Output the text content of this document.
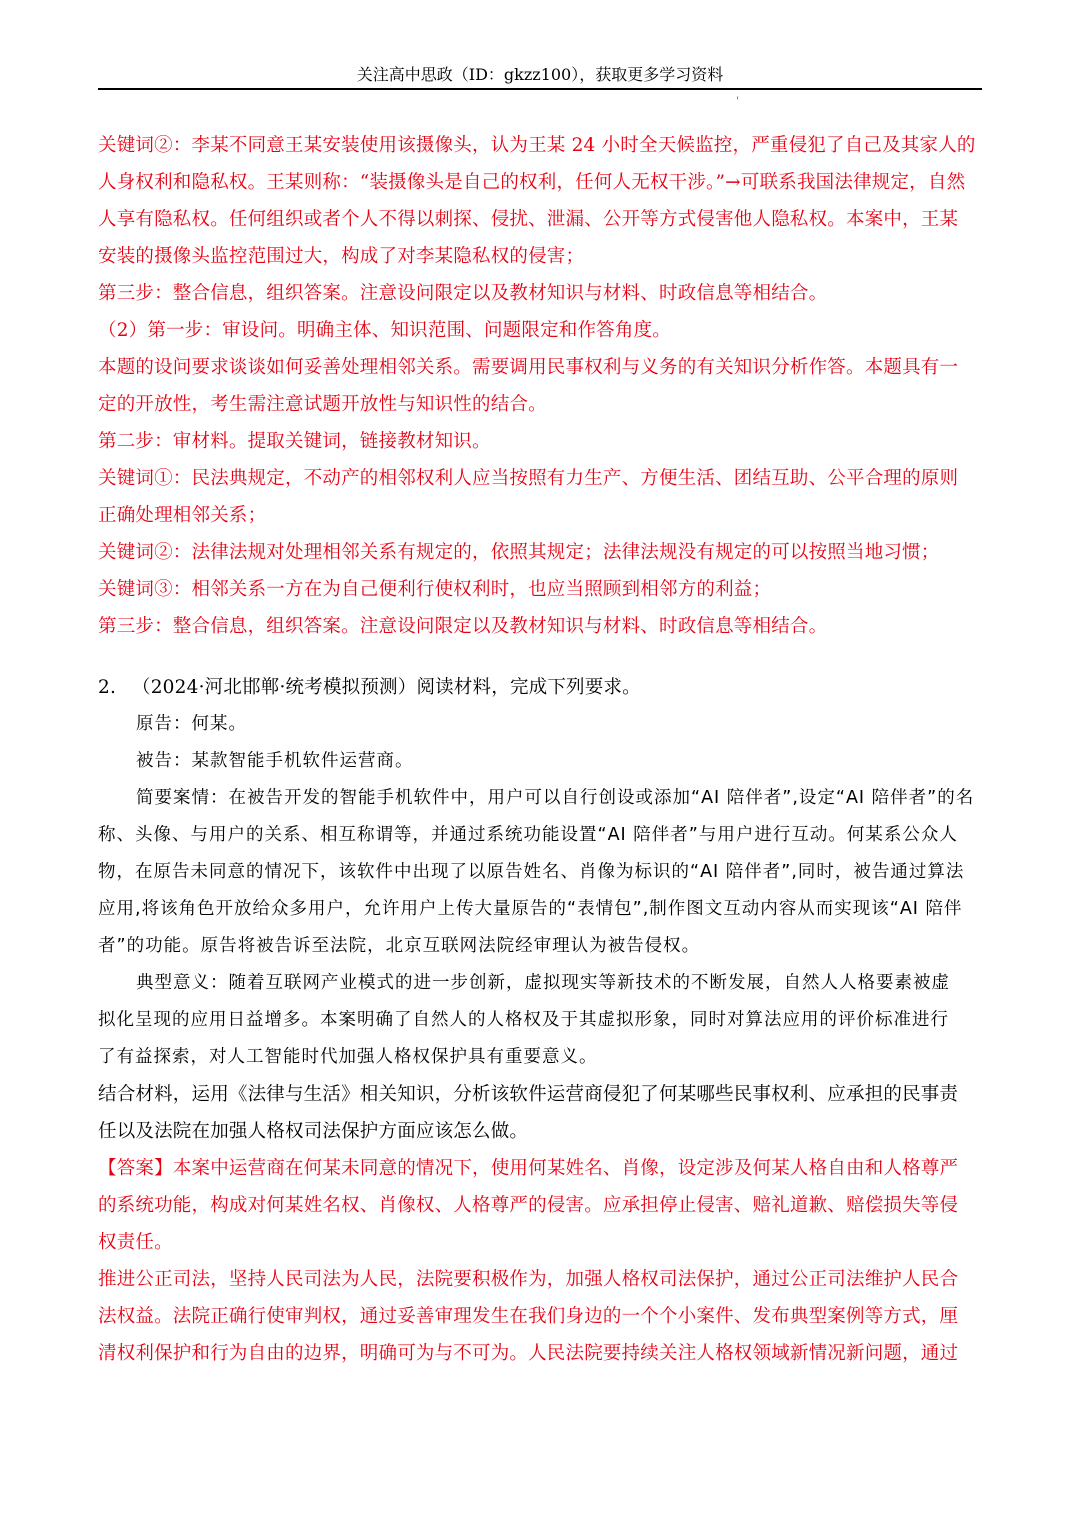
关注高中思政（ID：gkzz100），获取更多学习资料
'
关键词②：李某不同意王某安装使用该摄像头，认为王某 24 小时全天候监控，严重侵犯了自己及其家人的
人身权利和隐私权。王某则称：“装摄像头是自己的权利，任何人无权干涉。”→可联系我国法律规定，自然
人享有隐私权。任何组织或者个人不得以刺探、侵扰、泄漏、公开等方式侵害他人隐私权。本案中，王某
安装的摄像头监控范围过大，构成了对李某隐私权的侵害；
第三步：整合信息，组织答案。注意设问限定以及教材知识与材料、时政信息等相结合。
（2）第一步：审设问。明确主体、知识范围、问题限定和作答角度。
本题的设问要求谈谈如何妥善处理相邻关系。需要调用民事权利与义务的有关知识分析作答。本题具有一
定的开放性，考生需注意试题开放性与知识性的结合。
第二步：审材料。提取关键词，链接教材知识。
关键词①：民法典规定，不动产的相邻权利人应当按照有力生产、方便生活、团结互助、公平合理的原则
正确处理相邻关系；
关键词②：法律法规对处理相邻关系有规定的，依照其规定；法律法规没有规定的可以按照当地习惯；
关键词③：相邻关系一方在为自己便利行使权利时，也应当照顾到相邻方的利益；
第三步：整合信息，组织答案。注意设问限定以及教材知识与材料、时政信息等相结合。
2. （2024·河北邯郸·统考模拟预测）阅读材料，完成下列要求。
原告：何某。
被告：某款智能手机软件运营商。
简要案情：在被告开发的智能手机软件中，用户可以自行创设或添加“AI 陪伴者”,设定“AI 陪伴者”的名
称、头像、与用户的关系、相互称谓等，并通过系统功能设置“AI 陪伴者”与用户进行互动。何某系公众人
物，在原告未同意的情况下，该软件中出现了以原告姓名、肖像为标识的“AI 陪伴者”,同时，被告通过算法
应用,将该角色开放给众多用户，允许用户上传大量原告的“表情包”,制作图文互动内容从而实现该“AI 陪伴
者”的功能。原告将被告诉至法院，北京互联网法院经审理认为被告侵权。
典型意义：随着互联网产业模式的进一步创新，虚拟现实等新技术的不断发展，自然人人格要素被虚
拟化呈现的应用日益增多。本案明确了自然人的人格权及于其虚拟形象，同时对算法应用的评价标准进行
了有益探索，对人工智能时代加强人格权保护具有重要意义。
结合材料，运用《法律与生活》相关知识，分析该软件运营商侵犯了何某哪些民事权利、应承担的民事责
任以及法院在加强人格权司法保护方面应该怎么做。
【答案】本案中运营商在何某未同意的情况下，使用何某姓名、肖像，设定涉及何某人格自由和人格尊严
的系统功能，构成对何某姓名权、肖像权、人格尊严的侵害。应承担停止侵害、赔礼道歉、赔偿损失等侵
权责任。
推进公正司法，坚持人民司法为人民，法院要积极作为，加强人格权司法保护，通过公正司法维护人民合
法权益。法院正确行使审判权，通过妥善审理发生在我们身边的一个个小案件、发布典型案例等方式，厘
清权利保护和行为自由的边界，明确可为与不可为。人民法院要持续关注人格权领域新情况新问题，通过
